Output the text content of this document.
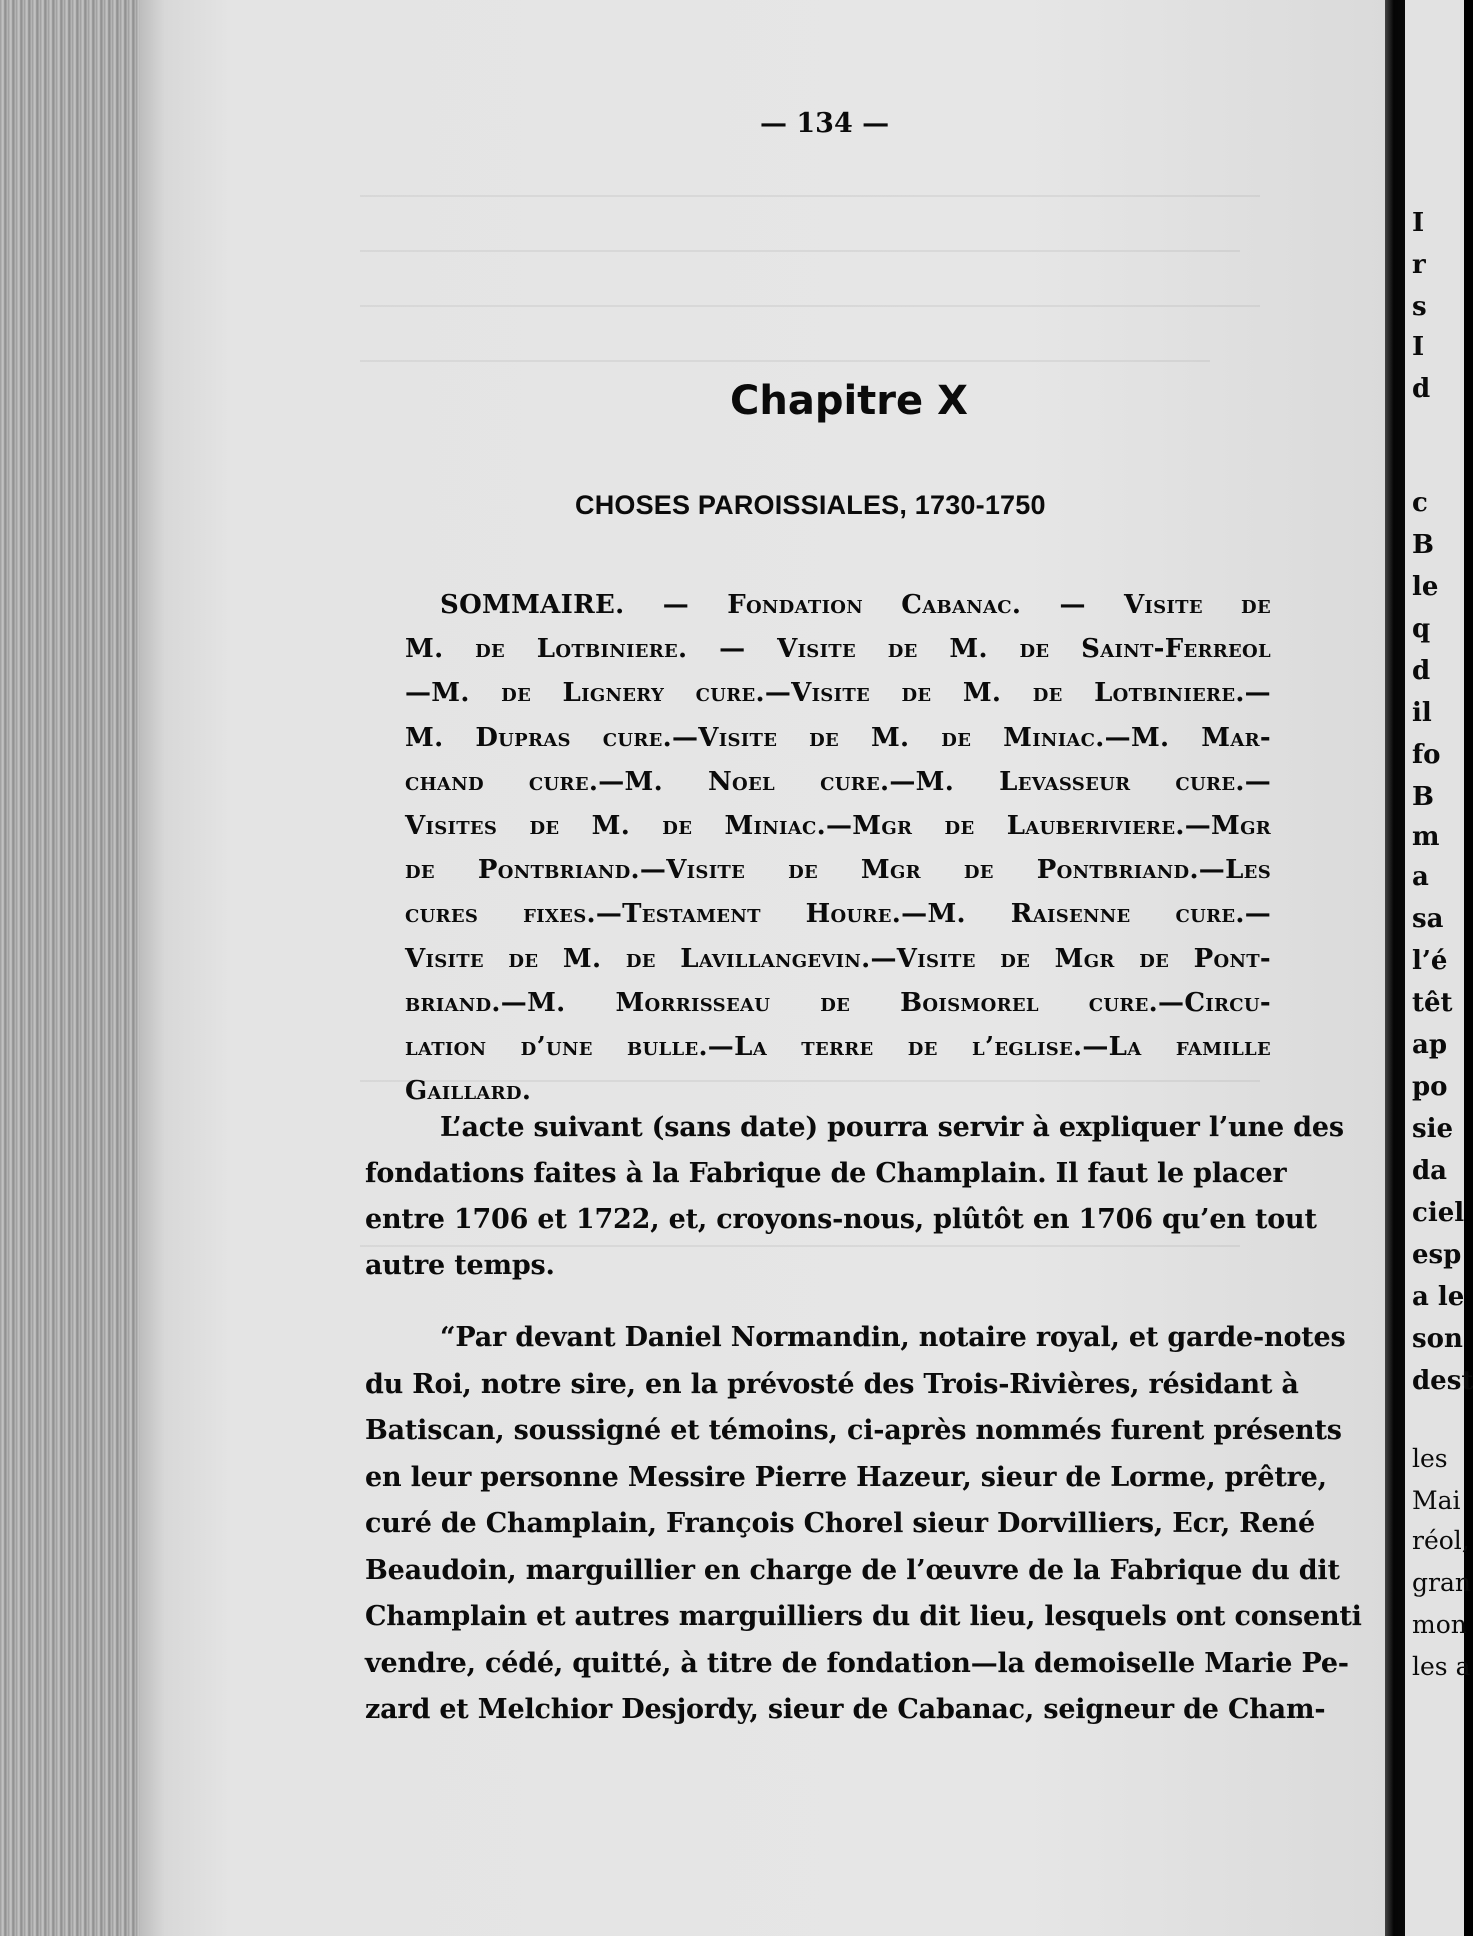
— 134 —
Chapitre X
CHOSES PAROISSIALES, 1730-1750
SOMMAIRE. — Fondation Cabanac. — Visite de
M. de Lotbiniere. — Visite de M. de Saint-Ferreol
—M. de Lignery cure.—Visite de M. de Lotbiniere.—
M. Dupras cure.—Visite de M. de Miniac.—M. Mar-
chand cure.—M. Noel cure.—M. Levasseur cure.—
Visites de M. de Miniac.—Mgr de Lauberiviere.—Mgr
de Pontbriand.—Visite de Mgr de Pontbriand.—Les
cures fixes.—Testament Houre.—M. Raisenne cure.—
Visite de M. de Lavillangevin.—Visite de Mgr de Pont-
briand.—M. Morrisseau de Boismorel cure.—Circu-
lation d’une bulle.—La terre de l’eglise.—La famille
Gaillard.
L’acte suivant (sans date) pourra servir à expliquer l’une des
fondations faites à la Fabrique de Champlain. Il faut le placer
entre 1706 et 1722, et, croyons-nous, plûtôt en 1706 qu’en tout
autre temps.
“Par devant Daniel Normandin, notaire royal, et garde-notes
du Roi, notre sire, en la prévosté des Trois-Rivières, résidant à
Batiscan, soussigné et témoins, ci-après nommés furent présents
en leur personne Messire Pierre Hazeur, sieur de Lorme, prêtre,
curé de Champlain, François Chorel sieur Dorvilliers, Ecr, René
Beaudoin, marguillier en charge de l’œuvre de la Fabrique du dit
Champlain et autres marguilliers du dit lieu, lesquels ont consenti
vendre, cédé, quitté, à titre de fondation—la demoiselle Marie Pe-
zard et Melchior Desjordy, sieur de Cabanac, seigneur de Cham-
I
r
s
I
d
c
B
le
q
d
il
fo
B
m
a
sa
l’é
têt
ap
po
sie
da
ciel
esp
a le
son
dest
les
Mai
réol,
gran
mon
les a
